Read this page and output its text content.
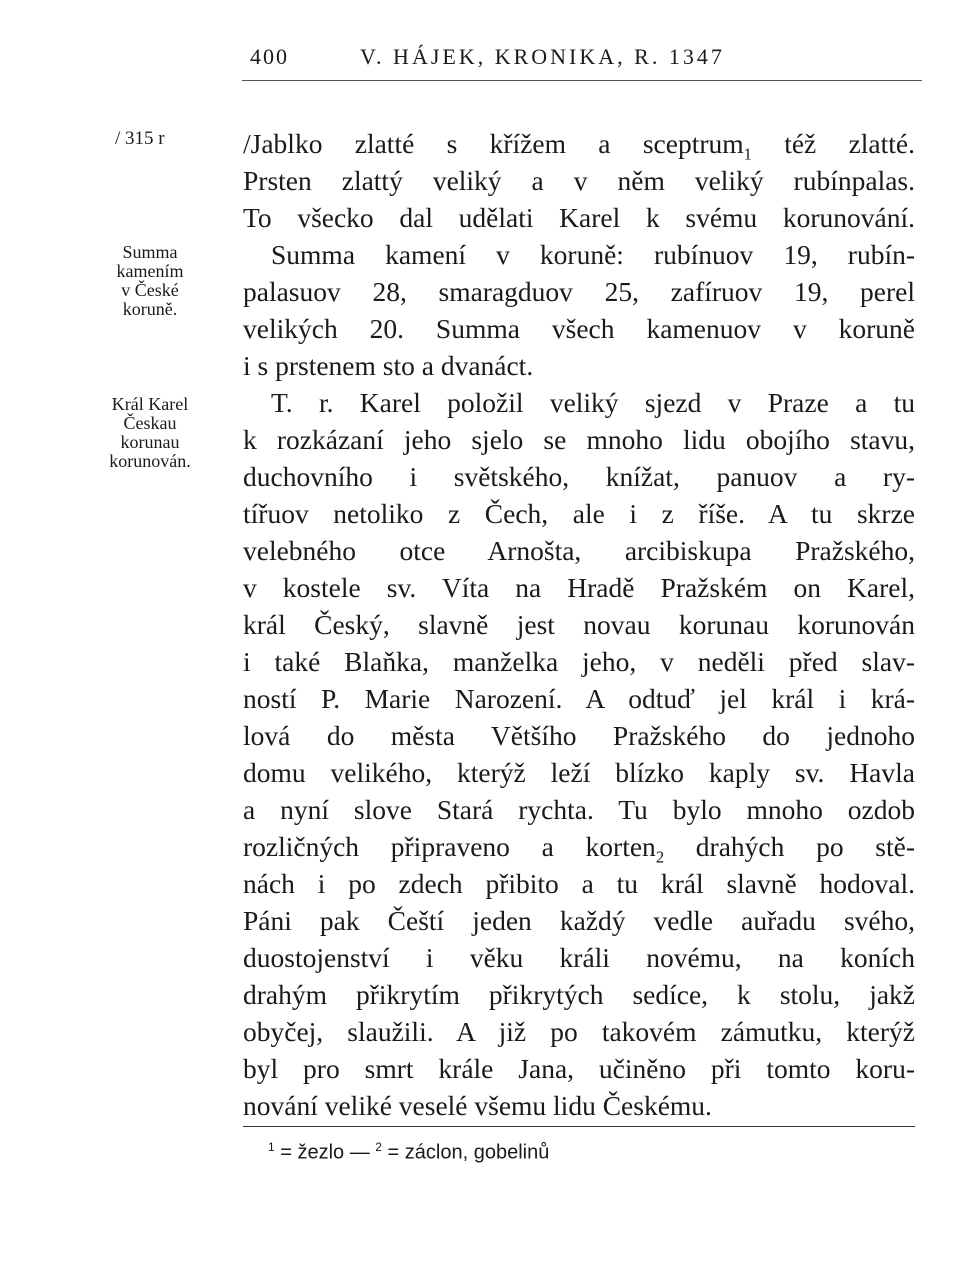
400	V. HÁJEK, KRONIKA, R. 1347
/ 315 r
Summa
kamením
v České
koruně.
Král Karel
Českau
korunau
korunován.
/Jablko zlatté s křížem a sceptrum$_1$ též zlatté.
Prsten zlattý veliký a v něm veliký rubínpalas.
To všecko dal udělati Karel k svému korunování.
Summa kamení v koruně: rubínuov 19, rubín-
palasuov 28, smaragduov 25, zafíruov 19, perel
velikých 20. Summa všech kamenuov v koruně
i s prstenem sto a dvanáct.
T. r. Karel položil veliký sjezd v Praze a tu
k rozkázaní jeho sjelo se mnoho lidu obojího stavu,
duchovního i světského, knížat, panuov a ry-
tířuov netoliko z Čech, ale i z říše. A tu skrze
velebného otce Arnošta, arcibiskupa Pražského,
v kostele sv. Víta na Hradě Pražském on Karel,
král Český, slavně jest novau korunau korunován
i také Blaňka, manželka jeho, v neděli před slav-
ností P. Marie Narození. A odtuď jel král i krá-
lová do města Většího Pražského do jednoho
domu velikého, kterýž leží blízko kaply sv. Havla
a nyní slove Stará rychta. Tu bylo mnoho ozdob
rozličných připraveno a korten$_2$ drahých po stě-
nách i po zdech přibito a tu král slavně hodoval.
Páni pak Čeští jeden každý vedle auřadu svého,
duostojenství i věku králi novému, na koních
drahým přikrytím přikrytých sedíce, k stolu, jakž
obyčej, slaužili. A již po takovém zámutku, kterýž
byl pro smrt krále Jana, učiněno při tomto koru-
nování veliké veselé všemu lidu Českému.
$^1$ = žezlo — $^2$ = záclon, gobelinů
